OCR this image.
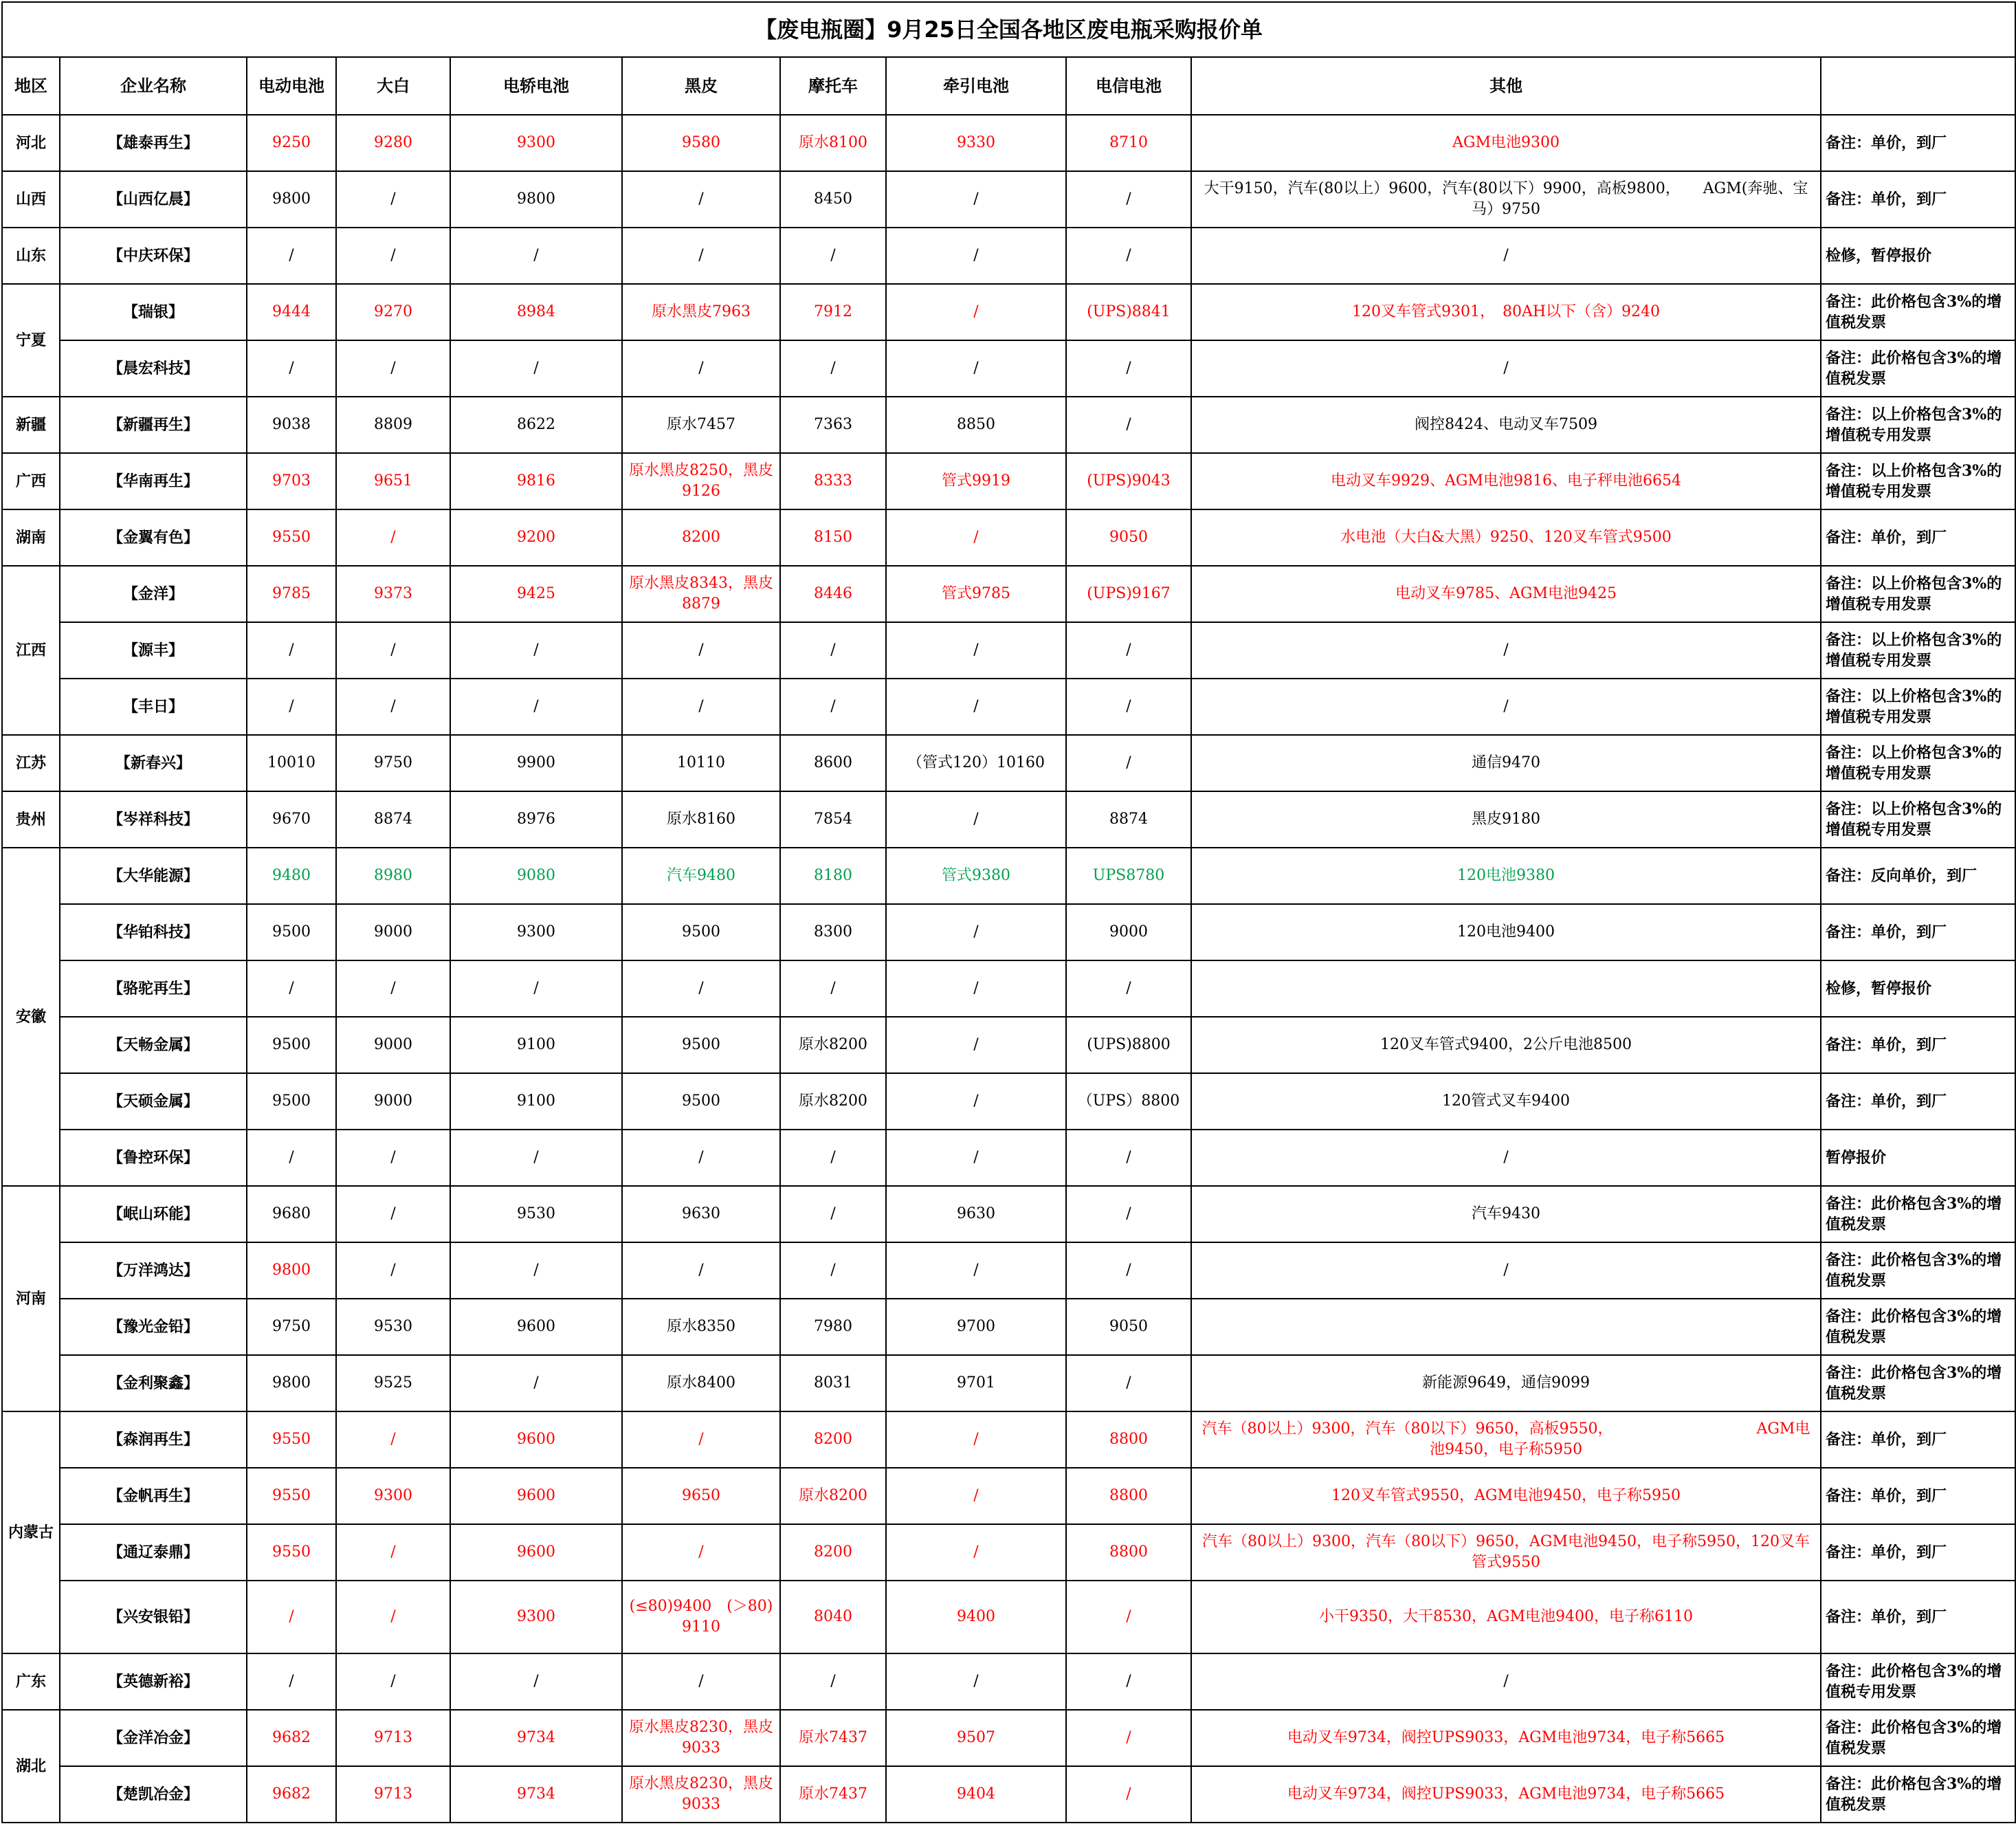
【废电瓶圈】9月25日全国各地区废电瓶采购报价单										
地区	企业名称	电动电池	大白	电轿电池	黑皮	摩托车	牵引电池	电信电池	其他	
河北	【雄泰再生】	9250	9280	9300	9580	原水8100	9330	8710	AGM电池9300	备注：单价，到厂
山西	【山西亿晨】	9800	/	9800	/	8450	/	/	大干9150，汽车(80以上）9600，汽车(80以下）9900，高板9800，　　AGM(奔驰、宝马）9750	备注：单价，到厂
山东	【中庆环保】	/	/	/	/	/	/	/	/	检修，暂停报价
宁夏	【瑞银】	9444	9270	8984	原水黑皮7963	7912	/	(UPS)8841	120叉车管式9301，　80AH以下（含）9240	备注：此价格包含3%的增值税发票
	【晨宏科技】	/	/	/	/	/	/	/	/	备注：此价格包含3%的增值税发票
新疆	【新疆再生】	9038	8809	8622	原水7457	7363	8850	/	阀控8424、电动叉车7509	备注：以上价格包含3%的增值税专用发票
广西	【华南再生】	9703	9651	9816	原水黑皮8250，黑皮9126	8333	管式9919	(UPS)9043	电动叉车9929、AGM电池9816、电子秤电池6654	备注：以上价格包含3%的增值税专用发票
湖南	【金翼有色】	9550	/	9200	8200	8150	/	9050	水电池（大白&大黑）9250、120叉车管式9500	备注：单价，到厂
江西	【金洋】	9785	9373	9425	原水黑皮8343，黑皮8879	8446	管式9785	(UPS)9167	电动叉车9785、AGM电池9425	备注：以上价格包含3%的增值税专用发票
	【源丰】	/	/	/	/	/	/	/	/	备注：以上价格包含3%的增值税专用发票
	【丰日】	/	/	/	/	/	/	/	/	备注：以上价格包含3%的增值税专用发票
江苏	【新春兴】	10010	9750	9900	10110	8600	（管式120）10160	/	通信9470	备注：以上价格包含3%的增值税专用发票
贵州	【岑祥科技】	9670	8874	8976	原水8160	7854	/	8874	黑皮9180	备注：以上价格包含3%的增值税专用发票
安徽	【大华能源】	9480	8980	9080	汽车9480	8180	管式9380	UPS8780	120电池9380	备注：反向单价，到厂
	【华铂科技】	9500	9000	9300	9500	8300	/	9000	120电池9400	备注：单价，到厂
	【骆驼再生】	/	/	/	/	/	/	/		检修，暂停报价
	【天畅金属】	9500	9000	9100	9500	原水8200	/	(UPS)8800	120叉车管式9400，2公斤电池8500	备注：单价，到厂
	【天硕金属】	9500	9000	9100	9500	原水8200	/	（UPS）8800	120管式叉车9400	备注：单价，到厂
	【鲁控环保】	/	/	/	/	/	/	/	/	暂停报价
河南	【岷山环能】	9680	/	9530	9630	/	9630	/	汽车9430	备注：此价格包含3%的增值税发票
	【万洋鸿达】	9800	/	/	/	/	/	/	/	备注：此价格包含3%的增值税发票
	【豫光金铅】	9750	9530	9600	原水8350	7980	9700	9050		备注：此价格包含3%的增值税发票
	【金利聚鑫】	9800	9525	/	原水8400	8031	9701	/	新能源9649，通信9099	备注：此价格包含3%的增值税发票
内蒙古	【森润再生】	9550	/	9600	/	8200	/	8800	汽车（80以上）9300，汽车（80以下）9650，高板9550，　　　　　　　　　　AGM电池9450，电子称5950	备注：单价，到厂
	【金帆再生】	9550	9300	9600	9650	原水8200	/	8800	120叉车管式9550，AGM电池9450，电子称5950	备注：单价，到厂
	【通辽泰鼎】	9550	/	9600	/	8200	/	8800	汽车（80以上）9300，汽车（80以下）9650，AGM电池9450，电子称5950，120叉车管式9550	备注：单价，到厂
	【兴安银铅】	/	/	9300	(≤80)9400　(＞80)9110	8040	9400	/	小干9350，大干8530，AGM电池9400，电子称6110	备注：单价，到厂
广东	【英德新裕】	/	/	/	/	/	/	/	/	备注：此价格包含3%的增值税专用发票
湖北	【金洋冶金】	9682	9713	9734	原水黑皮8230，黑皮9033	原水7437	9507	/	电动叉车9734，阀控UPS9033，AGM电池9734，电子称5665	备注：此价格包含3%的增值税发票
	【楚凯冶金】	9682	9713	9734	原水黑皮8230，黑皮9033	原水7437	9404	/	电动叉车9734，阀控UPS9033，AGM电池9734，电子称5665	备注：此价格包含3%的增值税发票
